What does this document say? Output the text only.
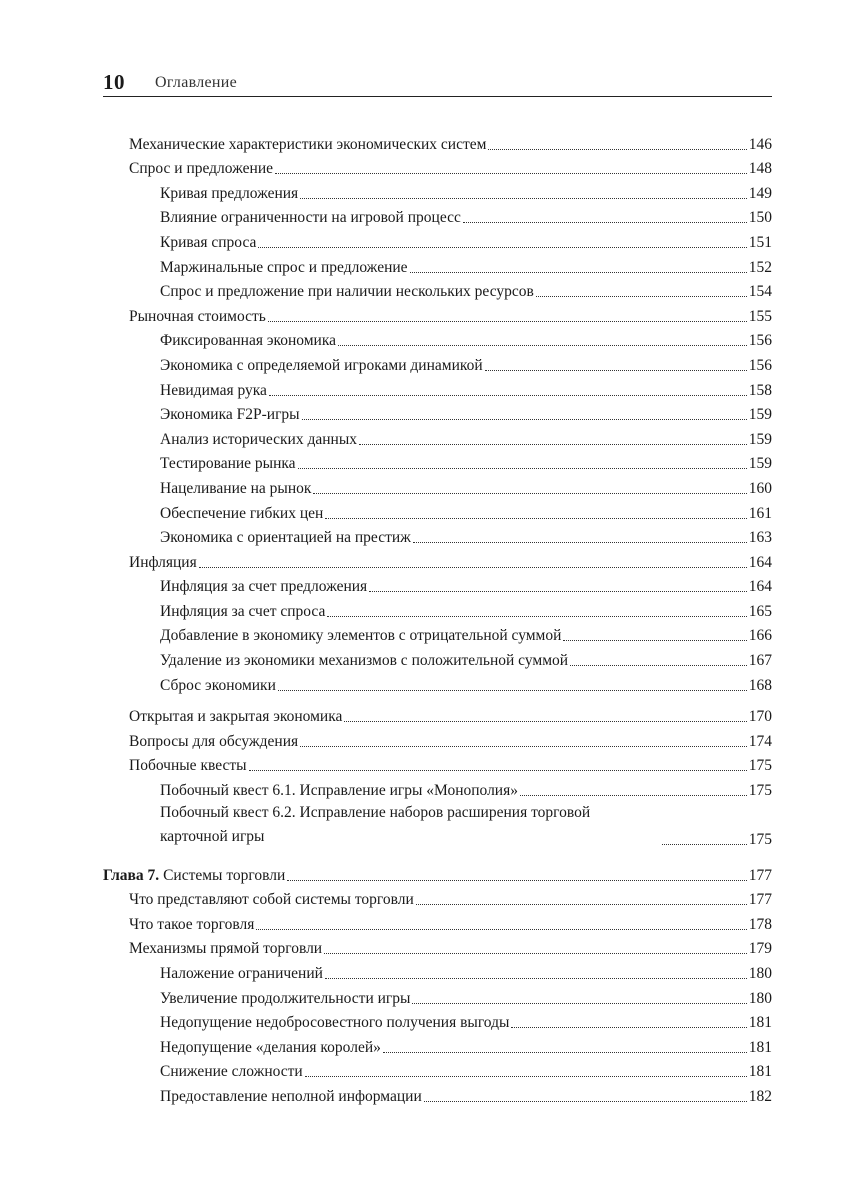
10 Оглавление
Механические характеристики экономических систем	146
Спрос и предложение	148
Кривая предложения	149
Влияние ограниченности на игровой процесс	150
Кривая спроса	151
Маржинальные спрос и предложение	152
Спрос и предложение при наличии нескольких ресурсов	154
Рыночная стоимость	155
Фиксированная экономика	156
Экономика с определяемой игроками динамикой	156
Невидимая рука	158
Экономика F2P-игры	159
Анализ исторических данных	159
Тестирование рынка	159
Нацеливание на рынок	160
Обеспечение гибких цен	161
Экономика с ориентацией на престиж	163
Инфляция	164
Инфляция за счет предложения	164
Инфляция за счет спроса	165
Добавление в экономику элементов с отрицательной суммой	166
Удаление из экономики механизмов с положительной суммой	167
Сброс экономики	168
Открытая и закрытая экономика	170
Вопросы для обсуждения	174
Побочные квесты	175
Побочный квест 6.1. Исправление игры «Монополия»	175
Побочный квест 6.2. Исправление наборов расширения торговой карточной игры	175
Глава 7. Системы торговли	177
Что представляют собой системы торговли	177
Что такое торговля	178
Механизмы прямой торговли	179
Наложение ограничений	180
Увеличение продолжительности игры	180
Недопущение недобросовестного получения выгоды	181
Недопущение «делания королей»	181
Снижение сложности	181
Предоставление неполной информации	182
